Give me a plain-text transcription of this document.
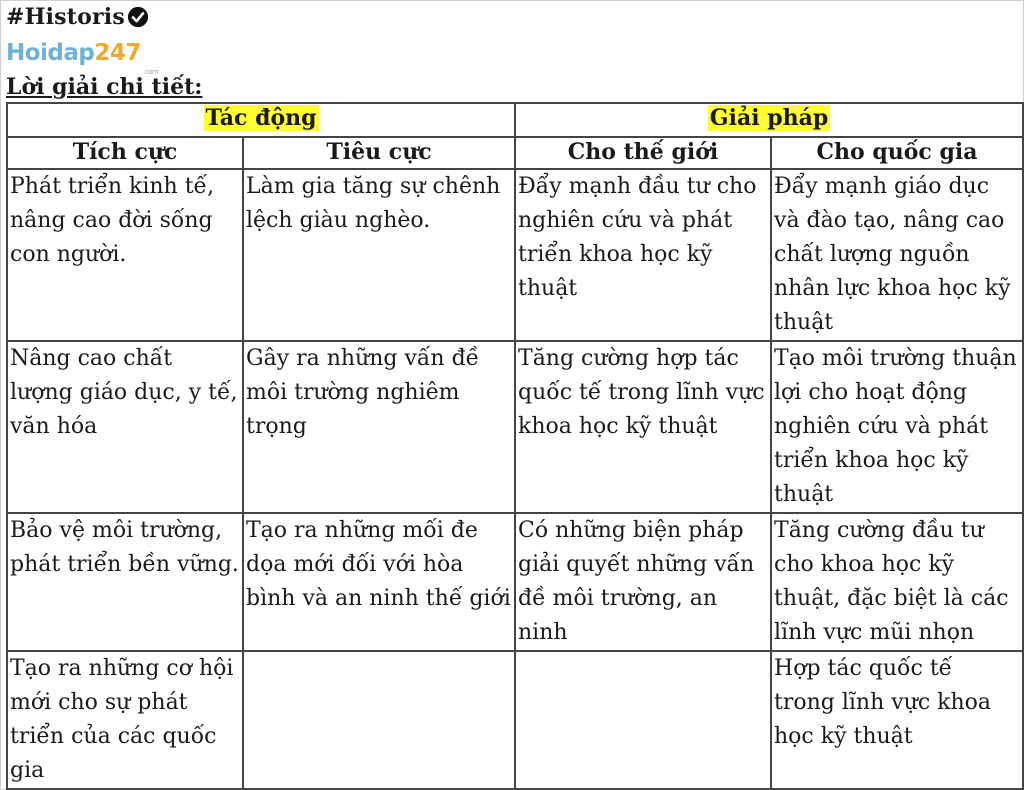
#Historis
Hoidap247
.com
Lời giải chi tiết:
Tác động		Giải pháp	
Tích cực	Tiêu cực	Cho thế giới	Cho quốc gia
Phát triển kinh tế, nâng cao đời sống con người.	Làm gia tăng sự chênh lệch giàu nghèo.	Đẩy mạnh đầu tư cho nghiên cứu và phát triển khoa học kỹ thuật	Đẩy mạnh giáo dục và đào tạo, nâng cao chất lượng nguồn nhân lực khoa học kỹ thuật
Nâng cao chất lượng giáo dục, y tế, văn hóa	Gây ra những vấn đề môi trường nghiêm trọng	Tăng cường hợp tác quốc tế trong lĩnh vực khoa học kỹ thuật	Tạo môi trường thuận lợi cho hoạt động nghiên cứu và phát triển khoa học kỹ thuật
Bảo vệ môi trường, phát triển bền vững.	Tạo ra những mối đe dọa mới đối với hòa bình và an ninh thế giới	Có những biện pháp giải quyết những vấn đề môi trường, an ninh	Tăng cường đầu tư cho khoa học kỹ thuật, đặc biệt là các lĩnh vực mũi nhọn
Tạo ra những cơ hội mới cho sự phát triển của các quốc gia			Hợp tác quốc tế trong lĩnh vực khoa học kỹ thuật
